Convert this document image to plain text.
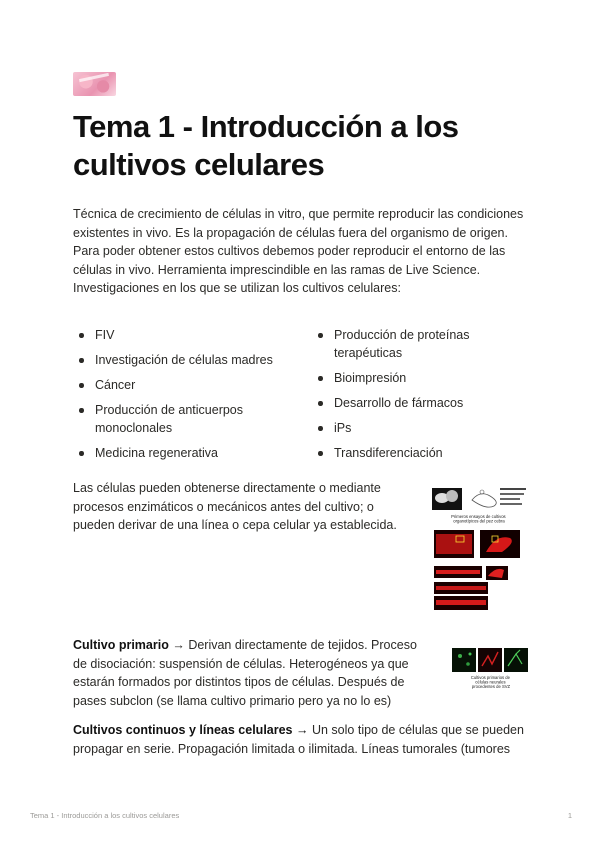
Tema 1 - Introducción a los cultivos celulares

Técnica de crecimiento de células in vitro, que permite reproducir las condiciones existentes in vivo. Es la propagación de células fuera del organismo de origen. Para poder obtener estos cultivos debemos poder reproducir el entorno de las células in vivo. Herramienta imprescindible en las ramas de Live Science. Investigaciones en los que se utilizan los cultivos celulares:

FIV
Investigación de células madres
Cáncer
Producción de anticuerpos monoclonales
Medicina regenerativa
Producción de proteínas terapéuticas
Bioimpresión
Desarrollo de fármacos
iPs
Transdiferenciación

Las células pueden obtenerse directamente o mediante procesos enzimáticos o mecánicos antes del cultivo; o pueden derivar de una línea o cepa celular ya establecida.

Primeros ensayos de cultivos organotípicos del pez cebra

Cultivo primario → Derivan directamente de tejidos. Proceso de disociación: suspensión de células. Heterogéneos ya que estarán formados por distintos tipos de células. Después de pases subclon (se llama cultivo primario pero ya no lo es)

Cultivos primarios de células neurales procedentes de SVZ

Cultivos continuos y líneas celulares → Un solo tipo de células que se pueden propagar en serie. Propagación limitada o ilimitada. Líneas tumorales (tumores

Tema 1 - Introducción a los cultivos celulares	1
